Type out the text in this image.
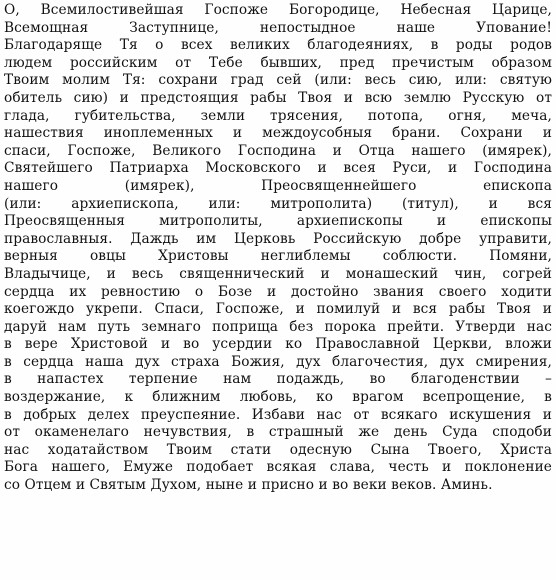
О, Всемилостивейшая Госпоже Богородице, Небесная Царице,
Всемощная Заступнице, непостыдное наше Упование!
Благодаряще Тя о всех великих благодеяниях, в роды родов
людем российским от Тебе бывших, пред пречистым образом
Твоим молим Тя: сохрани град сей (или: весь сию, или: святую
обитель сию) и предстоящия рабы Твоя и всю землю Русскую от
глада, губительства, земли трясения, потопа, огня, меча,
нашествия иноплеменных и междоусобныя брани. Сохрани и
спаси, Госпоже, Великого Господина и Отца нашего (имярек),
Святейшего Патриарха Московского и всея Руси, и Господина
нашего (имярек), Преосвященнейшего епископа
(или: архиепископа, или: митрополита) (титул), и вся
Преосвященныя митрополиты, архиепископы и епископы
православныя. Даждь им Церковь Российскую добре управити,
верныя овцы Христовы неглиблемы соблюсти. Помяни,
Владычице, и весь священнический и монашеский чин, согрей
сердца их ревностию о Бозе и достойно звания своего ходити
коегождо укрепи. Спаси, Госпоже, и помилуй и вся рабы Твоя и
даруй нам путь земнаго поприща без порока прейти. Утверди нас
в вере Христовой и во усердии ко Православной Церкви, вложи
в сердца наша дух страха Божия, дух благочестия, дух смирения,
в напастех терпение нам подаждь, во благоденствии –
воздержание, к ближним любовь, ко врагом всепрощение, в
в добрых делех преуспеяние. Избави нас от всякаго искушения и
от окаменелаго нечувствия, в страшный же день Суда сподоби
нас ходатайством Твоим стати одесную Сына Твоего, Христа
Бога нашего, Емуже подобает всякая слава, честь и поклонение
со Отцем и Святым Духом, ныне и присно и во веки веков. Аминь.
